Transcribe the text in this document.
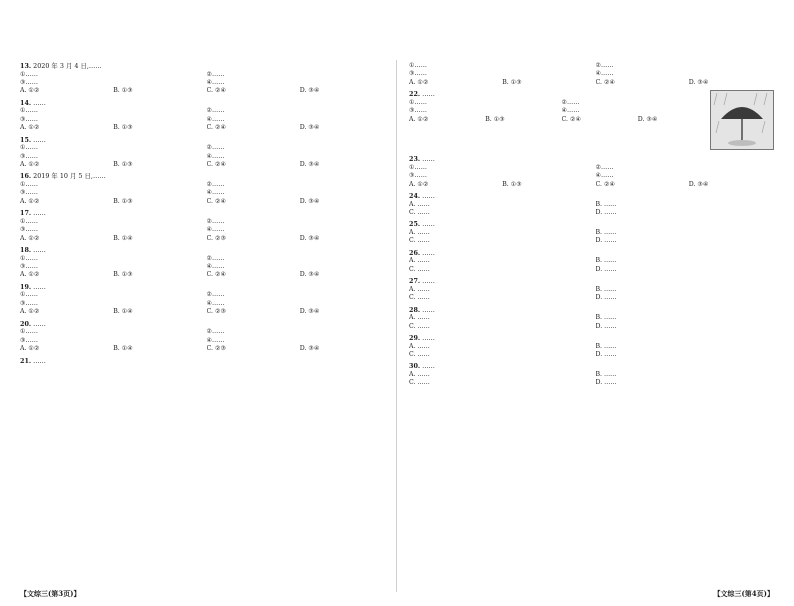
13. 2020 年 3 月 4 日,……

①……	②……
③……	④……
A. ①②	B. ①③	C. ②④	D. ③④

14. ……

①……	②……
③……	④……
A. ①②	B. ①③	C. ②④	D. ③④

15. ……

①……	②……
③……	④……
A. ①②	B. ①③	C. ②④	D. ③④

16. 2019 年 10 月 5 日,……

①……	②……
③……	④……
A. ①②	B. ①③	C. ②④	D. ③④

17. ……

①……	②……
③……	④……
A. ①②	B. ①④	C. ②③	D. ③④

18. ……

①……	②……
③……	④……
A. ①②	B. ①③	C. ②④	D. ③④

19. ……

①……	②……
③……	④……
A. ①②	B. ①④	C. ②③	D. ③④

20. ……

①……	②……
③……	④……
A. ①②	B. ①④	C. ②③	D. ③④

21. ……

【文综三(第3页)】
①……	②……
③……	④……
A. ①②	B. ①③	C. ②④	D. ③④

22. ……

①……	②……
③……	④……
A. ①②	B. ①③	C. ②④	D. ③④

23. ……

①……	②……
③……	④……
A. ①②	B. ①③	C. ②④	D. ③④

24. ……

A. ……	B. ……
C. ……	D. ……

25. ……

A. ……	B. ……
C. ……	D. ……

26. ……

A. ……	B. ……
C. ……	D. ……

27. ……

A. ……	B. ……
C. ……	D. ……

28. ……

A. ……	B. ……
C. ……	D. ……

29. ……

A. ……	B. ……
C. ……	D. ……

30. ……

A. ……	B. ……
C. ……	D. ……
【文综三(第4页)】
